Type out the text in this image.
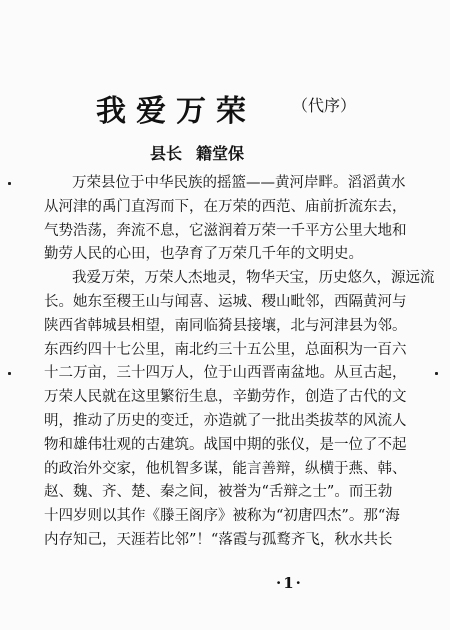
我爱万荣 （代序）
县长 籍堂保
万荣县位于中华民族的摇篮——黄河岸畔。滔滔黄水
从河津的禹门直泻而下，在万荣的西范、庙前折流东去，
气势浩荡，奔流不息，它滋润着万荣一千平方公里大地和
勤劳人民的心田，也孕育了万荣几千年的文明史。
我爱万荣，万荣人杰地灵，物华天宝，历史悠久，源远流
长。她东至稷王山与闻喜、运城、稷山毗邻，西隔黄河与
陕西省韩城县相望，南同临猗县接壤，北与河津县为邻。
东西约四十七公里，南北约三十五公里，总面积为一百六
十二万亩，三十四万人，位于山西晋南盆地。从亘古起，
万荣人民就在这里繁衍生息，辛勤劳作，创造了古代的文
明，推动了历史的变迁，亦造就了一批出类拔萃的风流人
物和雄伟壮观的古建筑。战国中期的张仪，是一位了不起
的政治外交家，他机智多谋，能言善辩，纵横于燕、韩、
赵、魏、齐、楚、秦之间，被誉为“舌辩之士”。而王勃
十四岁则以其作《滕王阁序》被称为“初唐四杰”。那“海
内存知己，天涯若比邻”！“落霞与孤鹜齐飞，秋水共长
·1·
